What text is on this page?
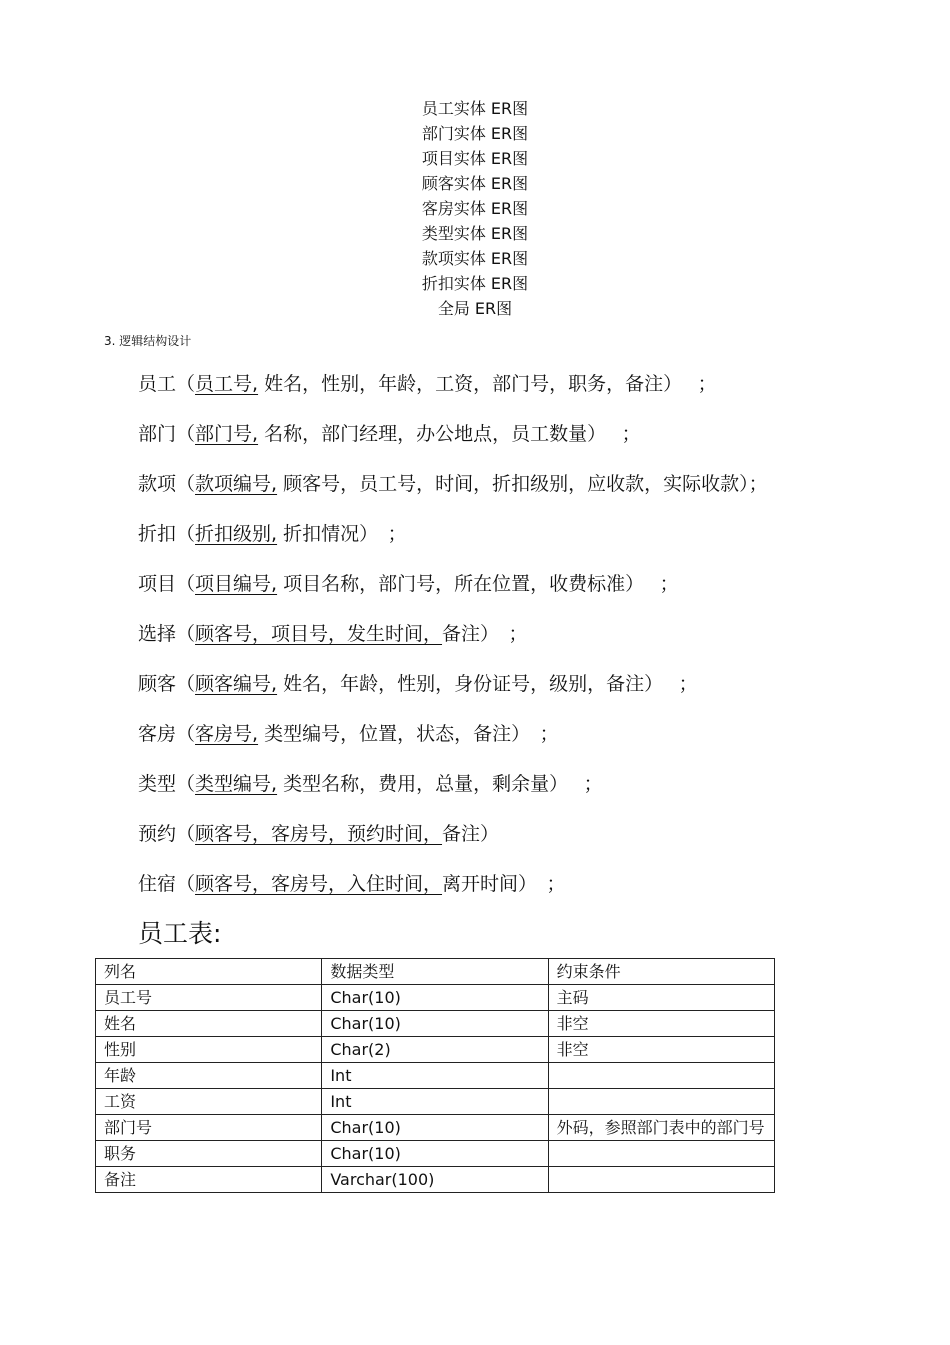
员工实体 ER图
部门实体 ER图
项目实体 ER图
顾客实体 ER图
客房实体 ER图
类型实体 ER图
款项实体 ER图
折扣实体 ER图
全局 ER图
3. 逻辑结构设计
员工（员工号, 姓名，性别，年龄，工资，部门号，职务，备注）　 ；
部门（部门号, 名称，部门经理，办公地点，员工数量）　 ；
款项（款项编号, 顾客号，员工号，时间，折扣级别，应收款，实际收款）；
折扣（折扣级别, 折扣情况）　；
项目（项目编号, 项目名称，部门号，所在位置，收费标准）　 ；
选择（顾客号，项目号，发生时间，备注）　；
顾客（顾客编号, 姓名，年龄，性别，身份证号，级别，备注）　 ；
客房（客房号, 类型编号，位置，状态，备注）　；
类型（类型编号, 类型名称，费用，总量，剩余量）　 ；
预约（顾客号，客房号，预约时间，备注）
住宿（顾客号，客房号，入住时间，离开时间）　；
员工表:
列名	数据类型	约束条件
员工号	Char(10)	主码
姓名	Char(10)	非空
性别	Char(2)	非空
年龄	Int	
工资	Int	
部门号	Char(10)	外码，参照部门表中的部门号
职务	Char(10)	
备注	Varchar(100)	
